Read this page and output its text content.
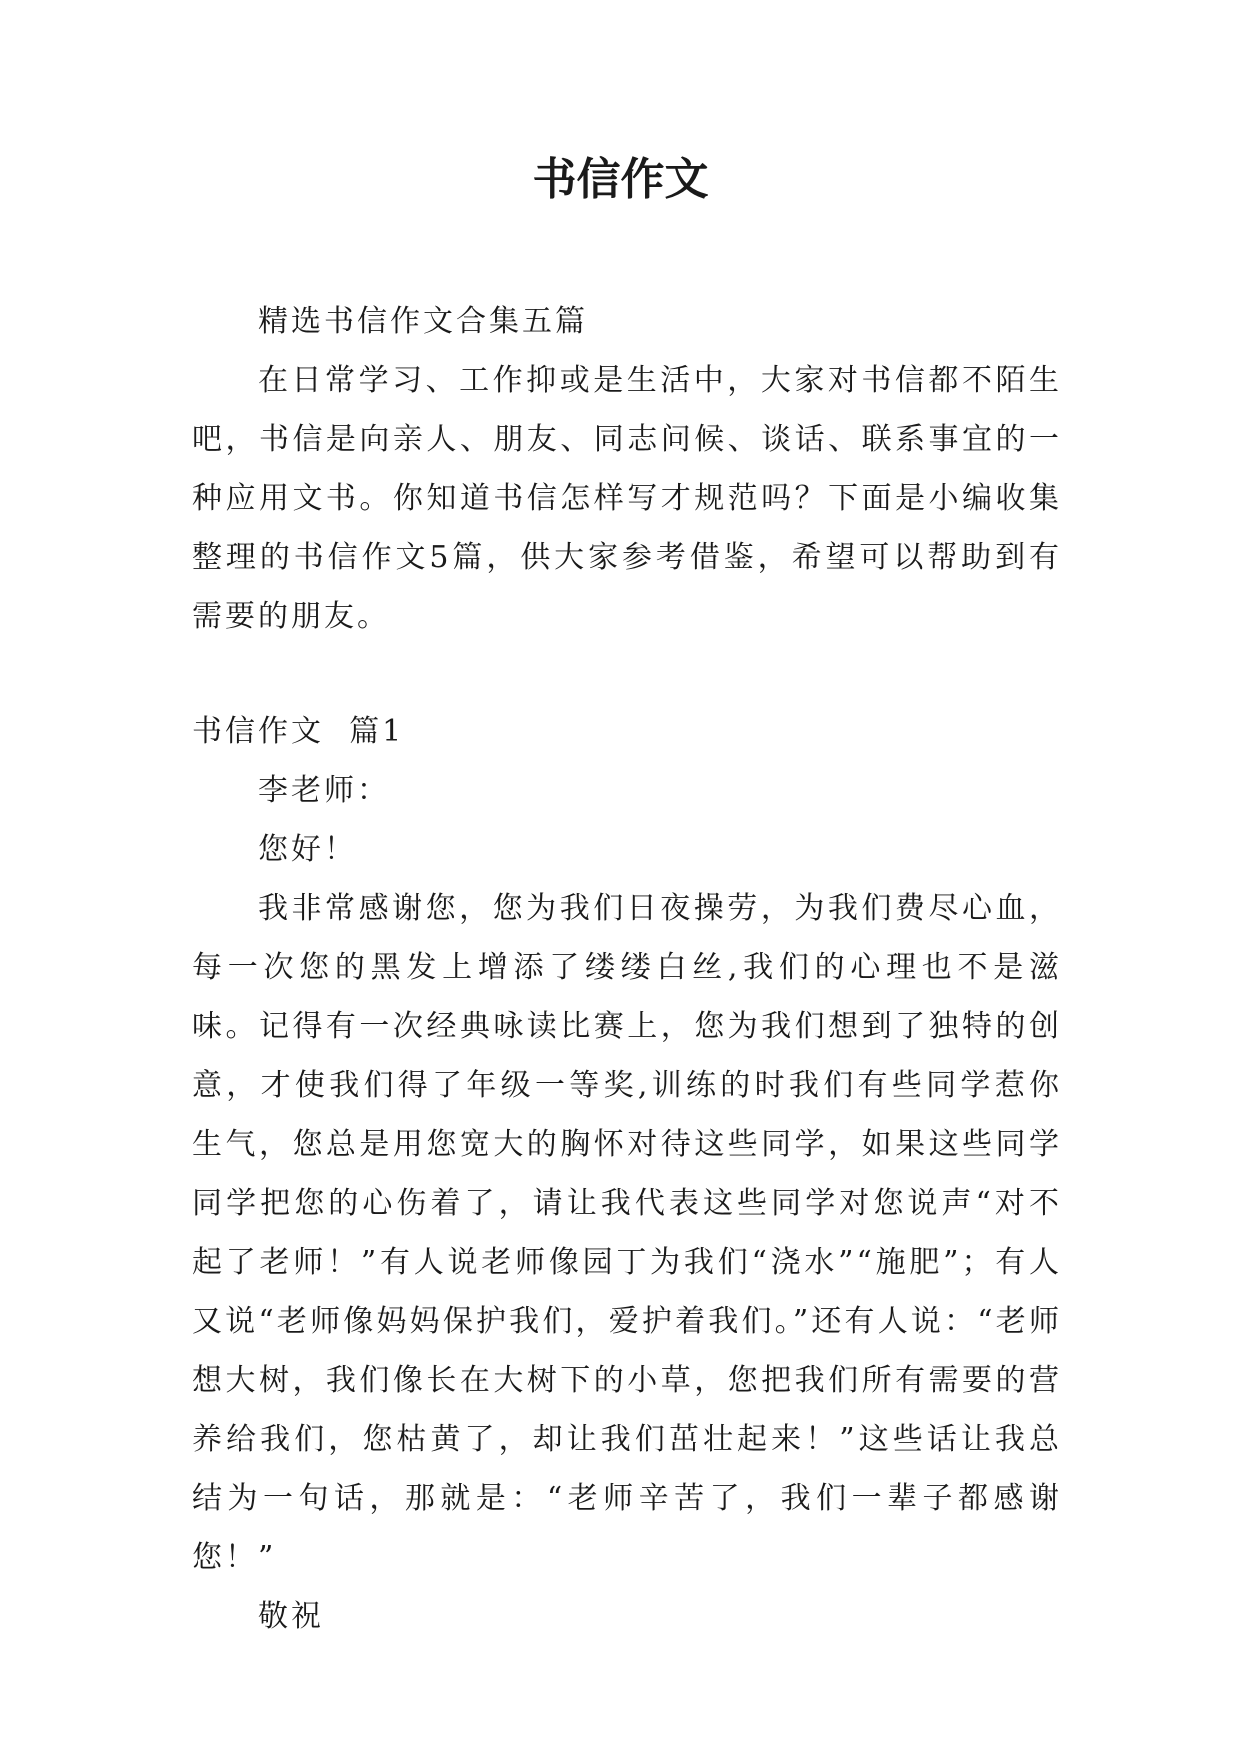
书信作文

精选书信作文合集五篇

在日常学习、工作抑或是生活中，大家对书信都不陌生吧，书信是向亲人、朋友、同志问候、谈话、联系事宜的一种应用文书。你知道书信怎样写才规范吗？下面是小编收集整理的书信作文5篇，供大家参考借鉴，希望可以帮助到有需要的朋友。

书信作文  篇1

李老师：

您好！

我非常感谢您，您为我们日夜操劳，为我们费尽心血，每一次您的黑发上增添了缕缕白丝,我们的心理也不是滋味。记得有一次经典咏读比赛上，您为我们想到了独特的创意，才使我们得了年级一等奖,训练的时我们有些同学惹你生气，您总是用您宽大的胸怀对待这些同学，如果这些同学同学把您的心伤着了，请让我代表这些同学对您说声“对不起了老师！”有人说老师像园丁为我们“浇水”“施肥”；有人又说“老师像妈妈保护我们，爱护着我们。”还有人说：“老师想大树，我们像长在大树下的小草，您把我们所有需要的营养给我们，您枯黄了，却让我们茁壮起来！”这些话让我总结为一句话，那就是：“老师辛苦了，我们一辈子都感谢您！”

敬祝
